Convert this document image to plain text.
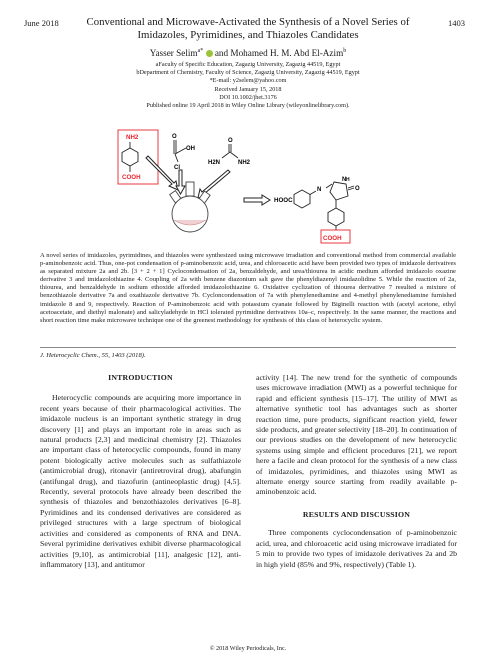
June 2018	1403
Conventional and Microwave-Activated the Synthesis of a Novel Series of
Imidazoles, Pyrimidines, and Thiazoles Candidates
Yasser Selim$^{a*}$  and Mohamed H. M. Abd El-Azim$^b$
aFaculty of Specific Education, Zagazig University, Zagazig 44519, Egypt
bDepartment of Chemistry, Faculty of Science, Zagazig University, Zagazig 44519, Egypt
*E-mail: y2selem@yahoo.com
Received January 15, 2018
DOI 10.1002/jhet.3176
Published online 19 April 2018 in Wiley Online Library (wileyonlinelibrary.com).
NH2
COOH
O
OH
Cl
O
NH2
H2N
HOOC
N
N H
O
COOH
A novel series of imidazoles, pyrimidines, and thiazoles were synthesized using microwave irradiation and conventional method from commercial available p-aminobenzoic acid. Thus, one-pot condensation of p-aminobenzoic acid, urea, and chloroacetic acid have been provided two types of imidazole derivatives as separated mixture 2a and 2b. [3 + 2 + 1] Cyclocondensation of 2a, benzaldehyde, and urea/thiourea in acidic medium afforded imidazolo oxazine derivative 3 and imidazolothiazine 4. Coupling of 2a with benzene diazonium salt gave the phenyldiazenyl imidazolidine 5. While the reaction of 2a, thiourea, and benzaldehyde in sodium ethoxide afforded imidazolothiazine 6. Oxidative cyclization of thiourea derivative 7 resulted a mixture of benzothiazole derivative 7a and oxathiazole derivative 7b. Cycloncondensation of 7a with phenylenediamine and 4-methyl phenylenediamine furnished imidazole 8 and 9, respectively. Reaction of P-aminobenzoic acid with potassium cyanate followed by Biginelli reaction with (acetyl acetone, ethyl acetoacetate, and diethyl malonate) and salicyladehyde in HCl tolerated pyrimidine derivatives 10a–c, respectively. In the same manner, the reactions and short reaction time make microwave technique one of the greenest methodology for synthesis of this class of heterocyclic system.
J. Heterocyclic Chem., 55, 1403 (2018).
INTRODUCTION
Heterocyclic compounds are acquiring more importance in recent years because of their pharmacological activities. The imidazole nucleus is an important synthetic strategy in drug discovery [1] and plays an important role in areas such as natural products [2,3] and medicinal chemistry [2]. Thiazoles are important class of heterocyclic compounds, found in many potent biologically active molecules such as sulfathiazole (antimicrobial drug), ritonavir (antiretroviral drug), abafungin (antifungal drug), and tiazofurin (antineoplastic drug) [4,5]. Recently, several protocols have already been described the synthesis of thiazoles and benzothiazoles derivatives [6–8]. Pyrimidines and its condensed derivatives are considered as privileged structures with a large spectrum of biological activities and considered as components of RNA and DNA. Several pyrimidine derivatives exhibit diverse pharmacological activities [9,10], as antimicrobial [11], analgesic [12], anti-inflammatory [13], and antitumor
activity [14]. The new trend for the synthetic of compounds uses microwave irradiation (MWI) as a powerful technique for rapid and efficient synthesis [15–17]. The utility of MWI as alternative synthetic tool has advantages such as shorter reaction time, pure products, significant reaction yield, fewer side products, and greater selectivity [18–20]. In continuation of our previous studies on the development of new heterocyclic systems using simple and efficient procedures [21], we report here a facile and clean protocol for the synthesis of a new class of imidazoles, pyrimidines, and thiazoles using MWI as alternate energy source starting from readily available p-aminobenzoic acid.
RESULTS AND DISCUSSION
Three components cyclocondensation of p-aminobenzoic acid, urea, and chloroacetic acid using microwave irradiated for 5 min to provide two types of imidazole derivatives 2a and 2b in high yield (85% and 9%, respectively) (Table 1).
© 2018 Wiley Periodicals, Inc.
